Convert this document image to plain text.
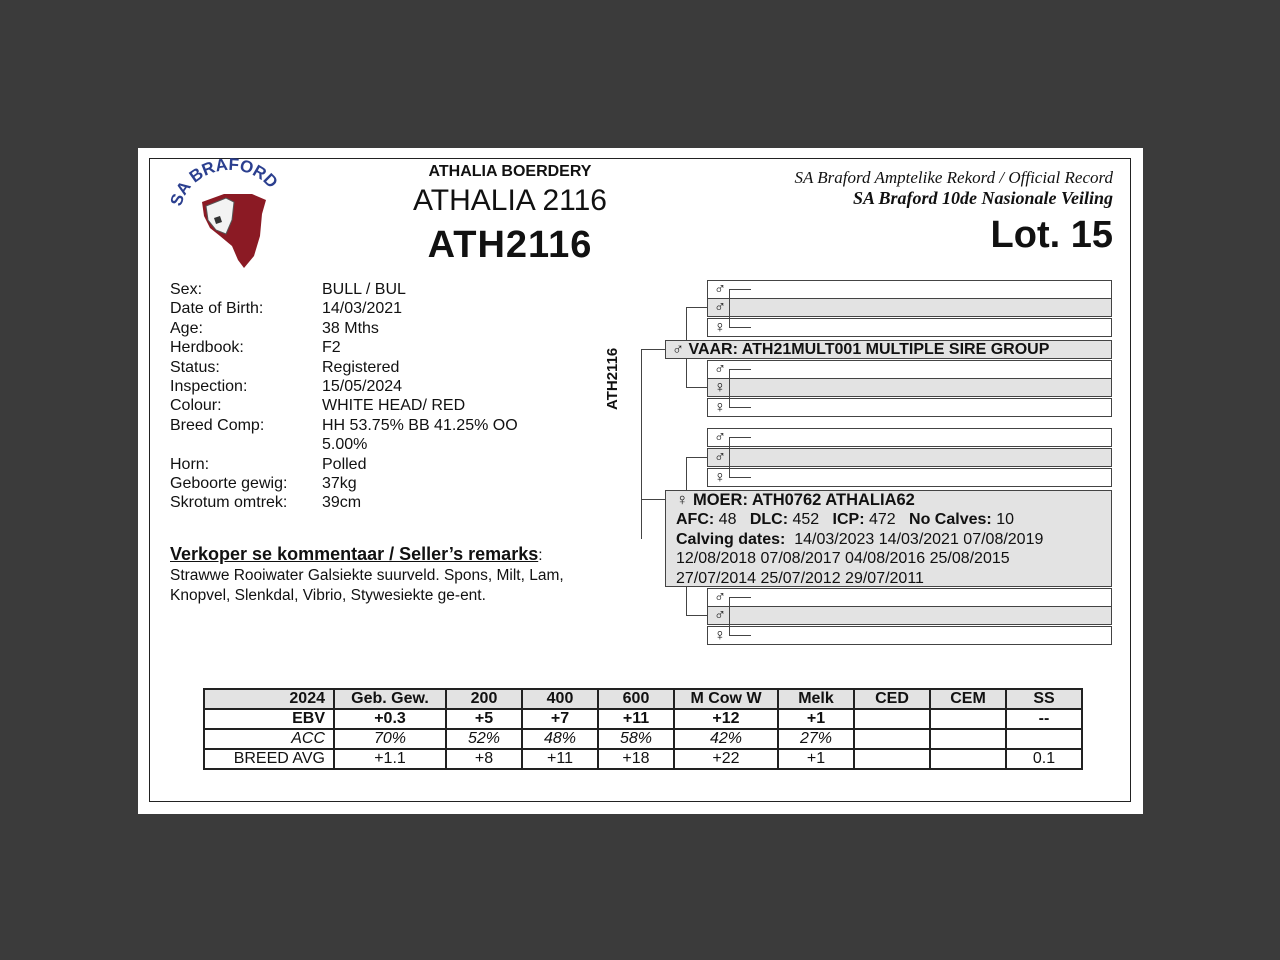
SA BRAFORD	ATHALIA BOERDERY
ATHALIA 2116
ATH2116
SA Braford Amptelike Rekord / Official Record
SA Braford 10de Nasionale Veiling
Lot. 15
Sex:	BULL / BUL
Date of Birth:	14/03/2021
Age:	38 Mths
Herdbook:	F2
Status:	Registered
Inspection:	15/05/2024
Colour:	WHITE HEAD/ RED
Breed Comp:	HH 53.75% BB 41.25% OO 5.00%
Horn:	Polled
Geboorte gewig:	37kg
Skrotum omtrek:	39cm
Verkoper se kommentaar / Seller’s remarks:
Strawwe Rooiwater Galsiekte suurveld. Spons, Milt, Lam, Knopvel, Slenkdal, Vibrio, Stywesiekte ge-ent.
ATH2116
♂
♀
♂
♂
♀
♀
♂
♀
♂
♂
♀
♂
♂ VAAR: ATH21MULT001 MULTIPLE SIRE GROUP
♀ MOER: ATH0762 ATHALIA62
AFC: 48 DLC: 452 ICP: 472 No Calves: 10
Calving dates: 14/03/2023 14/03/2021 07/08/2019
12/08/2018 07/08/2017 04/08/2016 25/08/2015
27/07/2014 25/07/2012 29/07/2011
2024	Geb. Gew.	200	400	600	M Cow W	Melk	CED	CEM	SS
EBV	+0.3	+5	+7	+11	+12	+1			--
ACC	70%	52%	48%	58%	42%	27%			
BREED AVG	+1.1	+8	+11	+18	+22	+1			0.1
